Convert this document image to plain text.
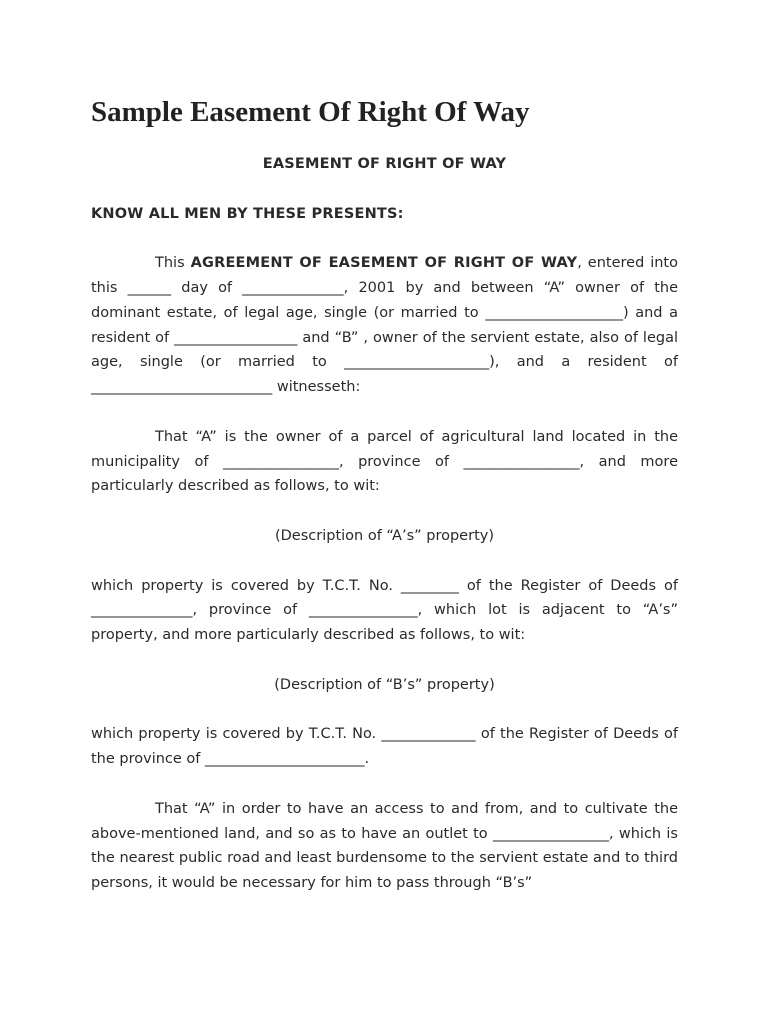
Sample Easement Of Right Of Way

EASEMENT OF RIGHT OF WAY

KNOW ALL MEN BY THESE PRESENTS:

This AGREEMENT OF EASEMENT OF RIGHT OF WAY, entered into this ______ day of ______________, 2001 by and between “A” owner of the dominant estate, of legal age, single (or married to ___________________) and a resident of _________________ and “B” , owner of the servient estate, also of legal age, single (or married to ____________________), and a resident of _________________________ witnesseth:

That “A” is the owner of a parcel of agricultural land located in the municipality of ________________, province of ________________, and more particularly described as follows, to wit:

(Description of “A’s” property)

which property is covered by T.C.T. No. ________ of the Register of Deeds of ______________, province of _______________, which lot is adjacent to “A’s” property, and more particularly described as follows, to wit:

(Description of “B’s” property)

which property is covered by T.C.T. No. _____________ of the Register of Deeds of the province of ______________________.

That “A” in order to have an access to and from, and to cultivate the above-mentioned land, and so as to have an outlet to ________________, which is the nearest public road and least burdensome to the servient estate and to third persons, it would be necessary for him to pass through “B’s”
